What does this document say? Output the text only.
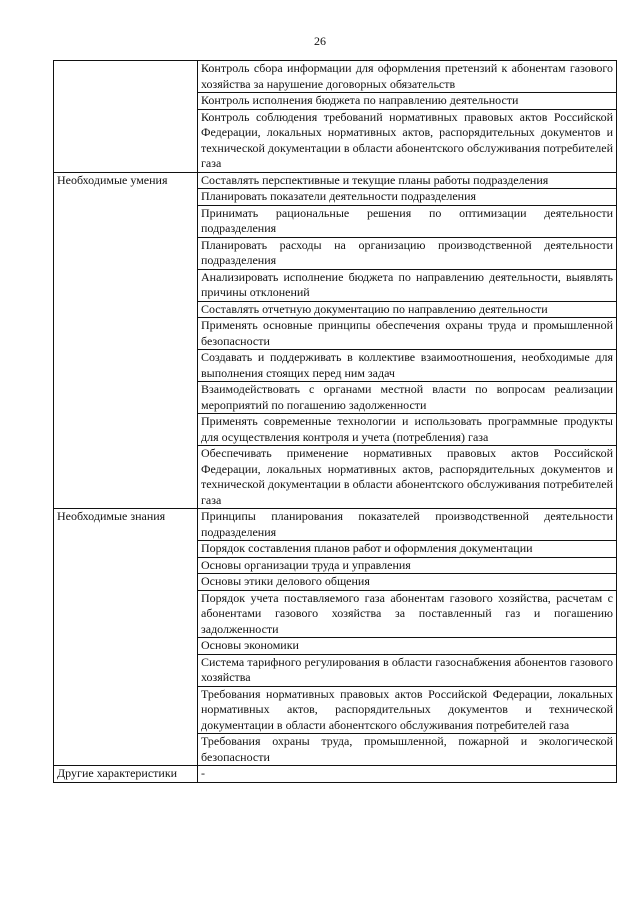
26
	Контроль сбора информации для оформления претензий к абонентам газового хозяйства за нарушение договорных обязательств
	Контроль исполнения бюджета по направлению деятельности
	Контроль соблюдения требований нормативных правовых актов Российской Федерации, локальных нормативных актов, распорядительных документов и технической документации в области абонентского обслуживания потребителей газа
Необходимые умения	Составлять перспективные и текущие планы работы подразделения
	Планировать показатели деятельности подразделения
	Принимать рациональные решения по оптимизации деятельности подразделения
	Планировать расходы на организацию производственной деятельности подразделения
	Анализировать исполнение бюджета по направлению деятельности, выявлять причины отклонений
	Составлять отчетную документацию по направлению деятельности
	Применять основные принципы обеспечения охраны труда и промышленной безопасности
	Создавать и поддерживать в коллективе взаимоотношения, необходимые для выполнения стоящих перед ним задач
	Взаимодействовать с органами местной власти по вопросам реализации мероприятий по погашению задолженности
	Применять современные технологии и использовать программные продукты для осуществления контроля и учета (потребления) газа
	Обеспечивать применение нормативных правовых актов Российской Федерации, локальных нормативных актов, распорядительных документов и технической документации в области абонентского обслуживания потребителей газа
Необходимые знания	Принципы планирования показателей производственной деятельности подразделения
	Порядок составления планов работ и оформления документации
	Основы организации труда и управления
	Основы этики делового общения
	Порядок учета поставляемого газа абонентам газового хозяйства, расчетам с абонентами газового хозяйства за поставленный газ и погашению задолженности
	Основы экономики
	Система тарифного регулирования в области газоснабжения абонентов газового хозяйства
	Требования нормативных правовых актов Российской Федерации, локальных нормативных актов, распорядительных документов и технической документации в области абонентского обслуживания потребителей газа
	Требования охраны труда, промышленной, пожарной и экологической безопасности
Другие характеристики	-
